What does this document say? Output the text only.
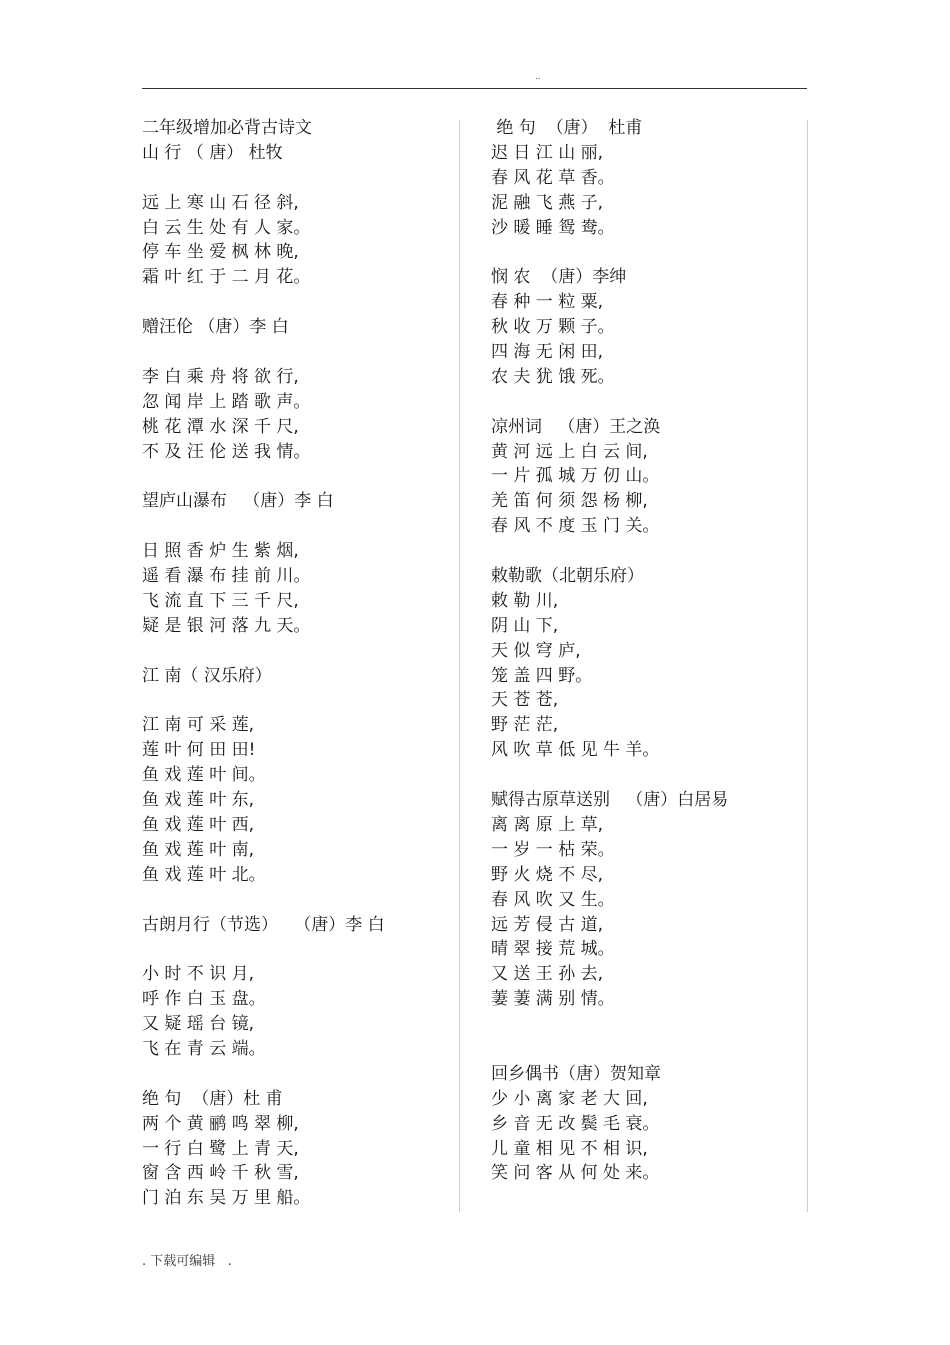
..
二年级增加必背古诗文
山 行 （ 唐） 杜牧
远 上 寒 山 石 径 斜,
白 云 生 处 有 人 家。
停 车 坐 爱 枫 林 晚,
霜 叶 红 于 二 月 花。
赠汪伦 （唐）李 白
李 白 乘 舟 将 欲 行,
忽 闻 岸 上 踏 歌 声。
桃 花 潭 水 深 千 尺,
不 及 汪 伦 送 我 情。
望庐山瀑布   （唐）李 白
日 照 香 炉 生 紫 烟,
遥 看 瀑 布 挂 前 川。
飞 流 直 下 三 千 尺,
疑 是 银 河 落 九 天。
江 南（ 汉乐府）
江 南 可 采 莲,
莲 叶 何 田 田!
鱼 戏 莲 叶 间。
鱼 戏 莲 叶 东,
鱼 戏 莲 叶 西,
鱼 戏 莲 叶 南,
鱼 戏 莲 叶 北。
古朗月行（节选）   （唐）李 白
小 时 不 识 月,
呼 作 白 玉 盘。
又 疑 瑶 台 镜,
飞 在 青 云 端。
绝 句  （唐）杜 甫
两 个 黄 鹂 鸣 翠 柳,
一 行 白 鹭 上 青 天,
窗 含 西 岭 千 秋 雪,
门 泊 东 吴 万 里 船。
绝 句  （唐）  杜甫
迟 日 江 山 丽,
春 风 花 草 香。
泥 融 飞 燕 子,
沙 暖 睡 鸳 鸯。
悯 农  （唐）李绅
春 种 一 粒 粟,
秋 收 万 颗 子。
四 海 无 闲 田,
农 夫 犹 饿 死。
凉州词   （唐）王之涣
黄 河 远 上 白 云 间,
一 片 孤 城 万 仞 山。
羌 笛 何 须 怨 杨 柳,
春 风 不 度 玉 门 关。
敕勒歌（北朝乐府）
敕 勒 川,
阴 山 下,
天 似 穹 庐,
笼 盖 四 野。
天 苍 苍,
野 茫 茫,
风 吹 草 低 见 牛 羊。
赋得古原草送别   （唐）白居易
离 离 原 上 草,
一 岁 一 枯 荣。
野 火 烧 不 尽,
春 风 吹 又 生。
远 芳 侵 古 道,
晴 翠 接 荒 城。
又 送 王 孙 去,
萋 萋 满 别 情。
回乡偶书（唐）贺知章
少 小 离 家 老 大 回,
乡 音 无 改 鬓 毛 衰。
儿 童 相 见 不 相 识,
笑 问 客 从 何 处 来。
. 下载可编辑   .
